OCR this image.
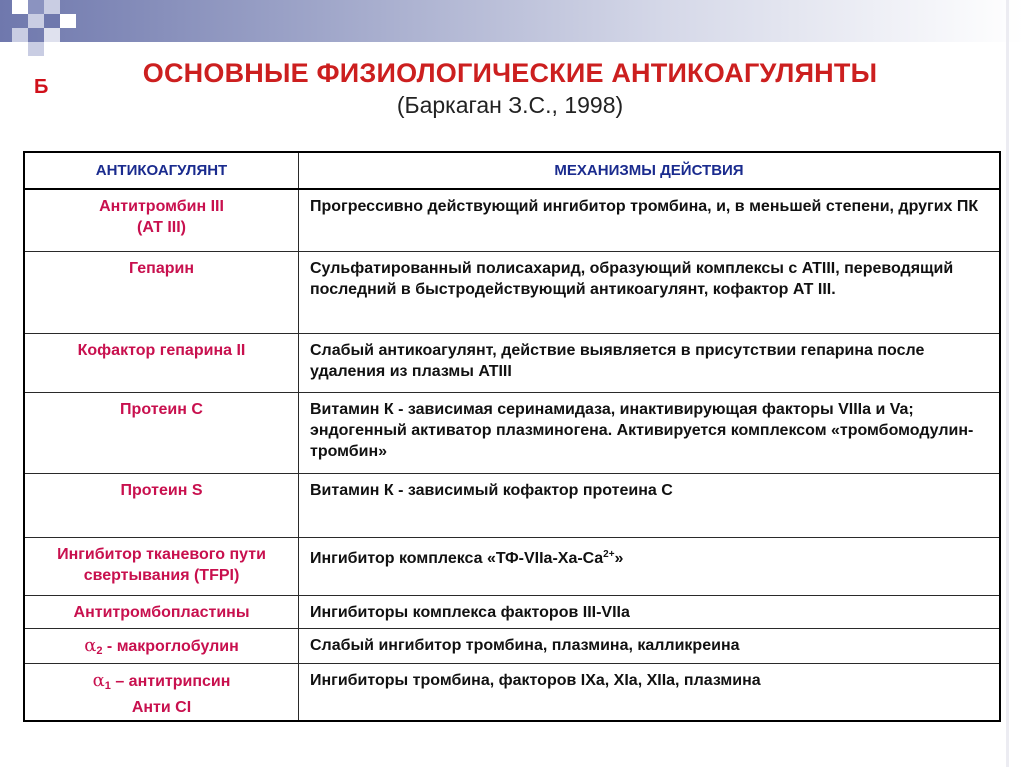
Б	ОСНОВНЫЕ ФИЗИОЛОГИЧЕСКИЕ АНТИКОАГУЛЯНТЫ
(Баркаган З.С., 1998)
АНТИКОАГУЛЯНТ	МЕХАНИЗМЫ ДЕЙСТВИЯ
Антитромбин III
(АТ III)	Прогрессивно действующий ингибитор тромбина, и, в меньшей степени, других ПК
Гепарин	Сульфатированный полисахарид, образующий комплексы с ATIII, переводящий последний в быстродействующий антикоагулянт, кофактор АТ III.
Кофактор гепарина II	Слабый антикоагулянт, действие выявляется в присутствии гепарина после удаления из плазмы ATIII
Протеин С	Витамин К - зависимая серинамидаза, инактивирующая факторы VIIIa и Va; эндогенный активатор плазминогена. Активируется комплексом «тромбомодулин- тромбин»
Протеин S	Витамин К - зависимый кофактор протеина С
Ингибитор тканевого пути свертывания (TFPI)	Ингибитор комплекса «$ТФ-VIIa-Xa-Ca^{2+}$»
Антитромбопластины	Ингибиторы комплекса факторов III-VIIa
$\alpha_2$ - макроглобулин	Слабый ингибитор тромбина, плазмина, калликреина
$\alpha_1$ – антитрипсин
Анти CI	Ингибиторы тромбина, факторов IXa, XIa, XIIa, плазмина
